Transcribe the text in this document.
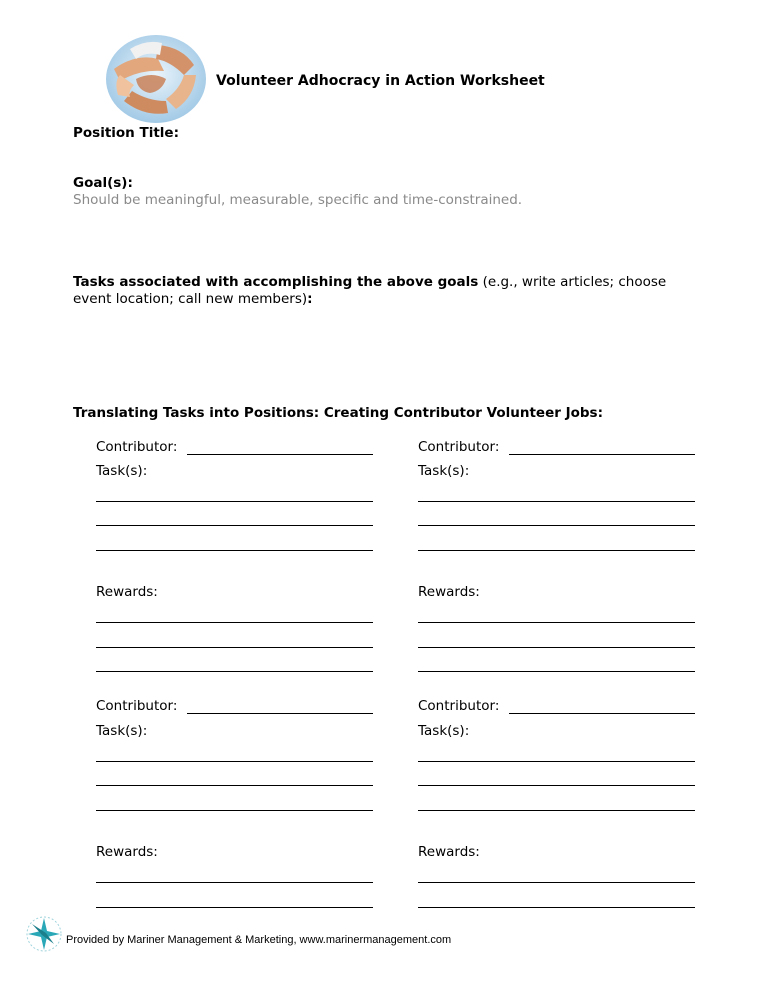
Volunteer Adhocracy in Action Worksheet
Position Title:
Goal(s):
Should be meaningful, measurable, specific and time-constrained.
Tasks associated with accomplishing the above goals (e.g., write articles; choose event location; call new members):
Translating Tasks into Positions: Creating Contributor Volunteer Jobs:
Contributor:
Task(s):
Rewards:
Contributor:
Task(s):
Rewards:
Contributor:
Task(s):
Rewards:
Contributor:
Task(s):
Rewards:
Provided by Mariner Management & Marketing, www.marinermanagement.com
